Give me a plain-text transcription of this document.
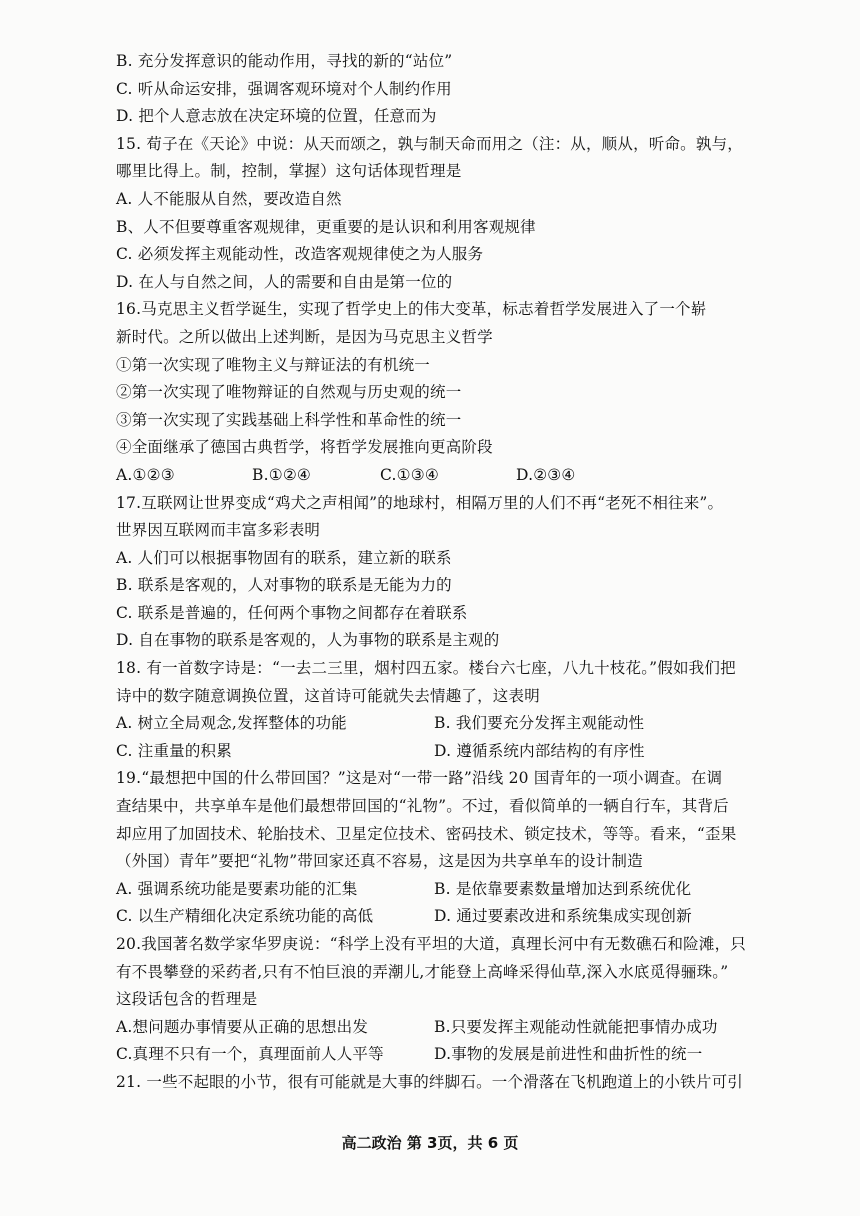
B. 充分发挥意识的能动作用，寻找的新的“站位”
C. 听从命运安排，强调客观环境对个人制约作用
D. 把个人意志放在决定环境的位置，任意而为
15. 荀子在《天论》中说：从天而颂之，孰与制天命而用之（注：从，顺从，听命。孰与，
哪里比得上。制，控制，掌握）这句话体现哲理是
A. 人不能服从自然，要改造自然
B、人不但要尊重客观规律，更重要的是认识和利用客观规律
C. 必须发挥主观能动性，改造客观规律使之为人服务
D. 在人与自然之间，人的需要和自由是第一位的
16.马克思主义哲学诞生，实现了哲学史上的伟大变革，标志着哲学发展进入了一个崭
新时代。之所以做出上述判断，是因为马克思主义哲学
①第一次实现了唯物主义与辩证法的有机统一
②第一次实现了唯物辩证的自然观与历史观的统一
③第一次实现了实践基础上科学性和革命性的统一
④全面继承了德国古典哲学，将哲学发展推向更高阶段
A.①②③	B.①②④	C.①③④	D.②③④
17.互联网让世界变成“鸡犬之声相闻”的地球村，相隔万里的人们不再“老死不相往来”。
世界因互联网而丰富多彩表明
A. 人们可以根据事物固有的联系，建立新的联系
B. 联系是客观的，人对事物的联系是无能为力的
C. 联系是普遍的，任何两个事物之间都存在着联系
D. 自在事物的联系是客观的，人为事物的联系是主观的
18. 有一首数字诗是：“一去二三里，烟村四五家。楼台六七座，八九十枝花。”假如我们把
诗中的数字随意调换位置，这首诗可能就失去情趣了，这表明
A. 树立全局观念,发挥整体的功能	B. 我们要充分发挥主观能动性
C. 注重量的积累	D. 遵循系统内部结构的有序性
19.“最想把中国的什么带回国？”这是对“一带一路”沿线 20 国青年的一项小调查。在调
查结果中，共享单车是他们最想带回国的“礼物”。不过，看似简单的一辆自行车，其背后
却应用了加固技术、轮胎技术、卫星定位技术、密码技术、锁定技术，等等。看来，“歪果
（外国）青年”要把“礼物”带回家还真不容易，这是因为共享单车的设计制造
A. 强调系统功能是要素功能的汇集	B. 是依靠要素数量增加达到系统优化
C. 以生产精细化决定系统功能的高低	D. 通过要素改进和系统集成实现创新
20.我国著名数学家华罗庚说：“科学上没有平坦的大道，真理长河中有无数礁石和险滩，只
有不畏攀登的采药者,只有不怕巨浪的弄潮儿,才能登上高峰采得仙草,深入水底觅得骊珠。”
这段话包含的哲理是
A.想问题办事情要从正确的思想出发	B.只要发挥主观能动性就能把事情办成功
C.真理不只有一个，真理面前人人平等	D.事物的发展是前进性和曲折性的统一
21. 一些不起眼的小节，很有可能就是大事的绊脚石。一个滑落在飞机跑道上的小铁片可引
高二政治 第 3页，共 6 页
